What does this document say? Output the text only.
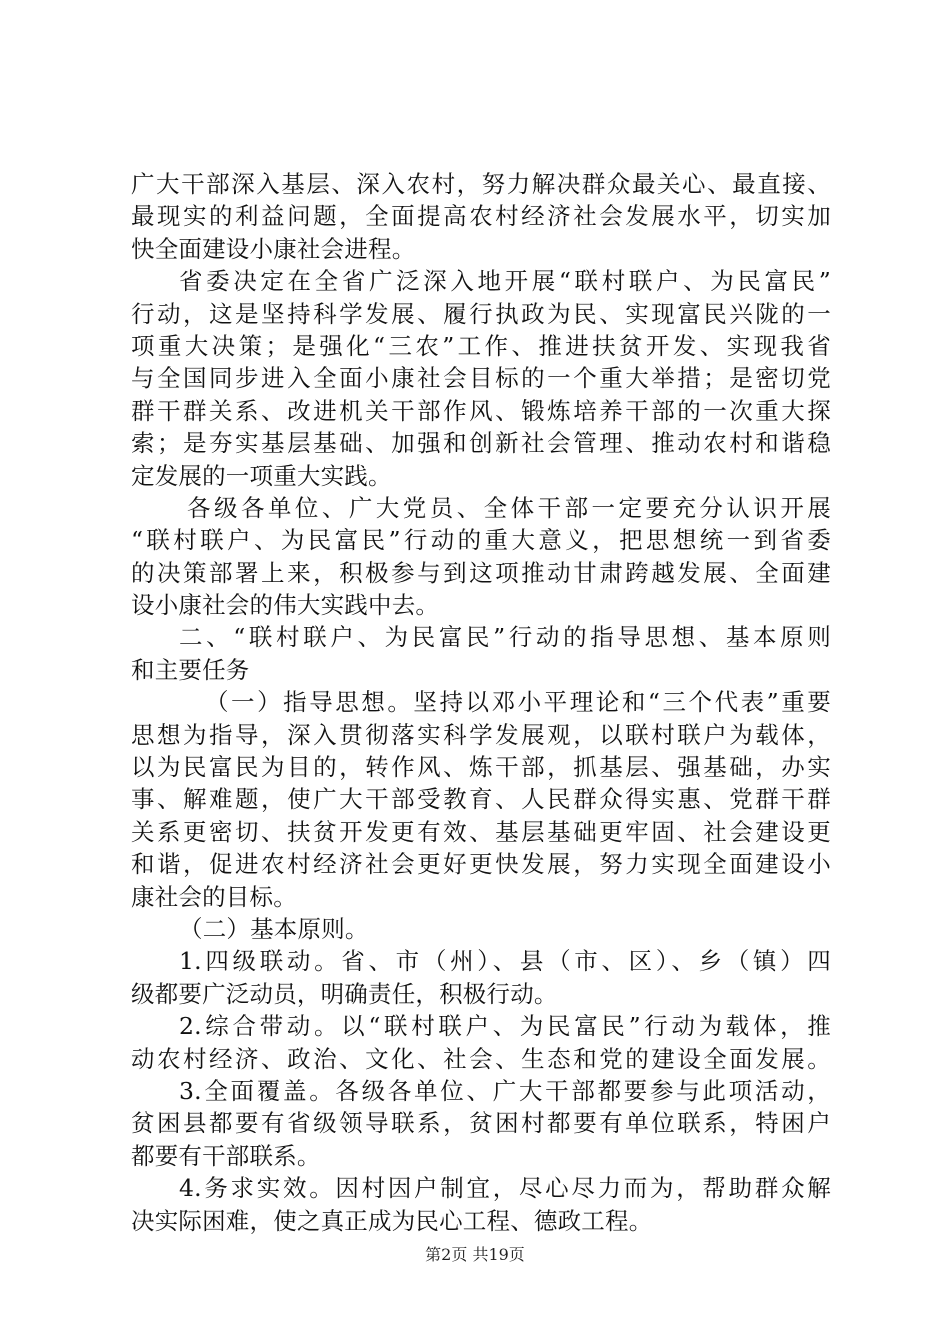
广大干部深入基层、深入农村，努力解决群众最关心、最直接、
最现实的利益问题，全面提高农村经济社会发展水平，切实加
快全面建设小康社会进程。
省委决定在全省广泛深入地开展“联村联户、为民富民”
行动，这是坚持科学发展、履行执政为民、实现富民兴陇的一
项重大决策；是强化“三农”工作、推进扶贫开发、实现我省
与全国同步进入全面小康社会目标的一个重大举措；是密切党
群干群关系、改进机关干部作风、锻炼培养干部的一次重大探
索；是夯实基层基础、加强和创新社会管理、推动农村和谐稳
定发展的一项重大实践。
各级各单位、广大党员、全体干部一定要充分认识开展
“联村联户、为民富民”行动的重大意义，把思想统一到省委
的决策部署上来，积极参与到这项推动甘肃跨越发展、全面建
设小康社会的伟大实践中去。
二、“联村联户、为民富民”行动的指导思想、基本原则
和主要任务
（一）指导思想。坚持以邓小平理论和“三个代表”重要
思想为指导，深入贯彻落实科学发展观，以联村联户为载体，
以为民富民为目的，转作风、炼干部，抓基层、强基础，办实
事、解难题，使广大干部受教育、人民群众得实惠、党群干群
关系更密切、扶贫开发更有效、基层基础更牢固、社会建设更
和谐，促进农村经济社会更好更快发展，努力实现全面建设小
康社会的目标。
（二）基本原则。
1.四级联动。省、市（州）、县（市、区）、乡（镇）四
级都要广泛动员，明确责任，积极行动。
2.综合带动。以“联村联户、为民富民”行动为载体，推
动农村经济、政治、文化、社会、生态和党的建设全面发展。
3.全面覆盖。各级各单位、广大干部都要参与此项活动，
贫困县都要有省级领导联系，贫困村都要有单位联系，特困户
都要有干部联系。
4.务求实效。因村因户制宜，尽心尽力而为，帮助群众解
决实际困难，使之真正成为民心工程、德政工程。
第2页 共19页
